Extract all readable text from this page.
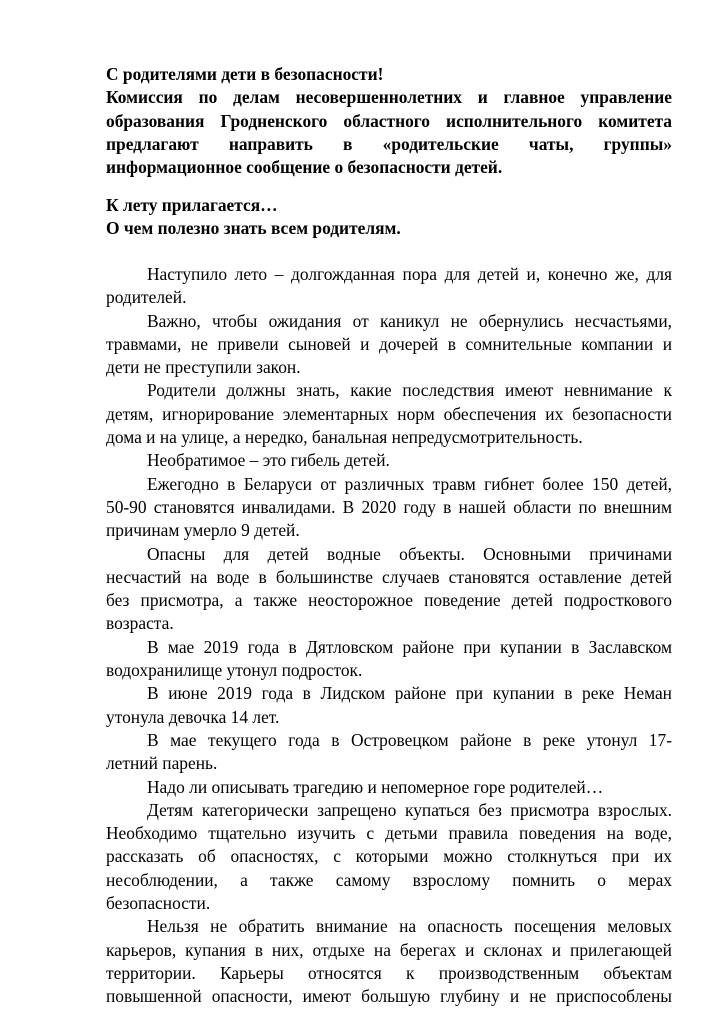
С родителями дети в безопасности!
Комиссия по делам несовершеннолетних и главное управление
образования Гродненского областного исполнительного комитета
предлагают направить в «родительские чаты, группы»
информационное сообщение о безопасности детей.
К лету прилагается…
О чем полезно знать всем родителям.
Наступило лето – долгожданная пора для детей и, конечно же, для
родителей.
Важно, чтобы ожидания от каникул не обернулись несчастьями,
травмами, не привели сыновей и дочерей в сомнительные компании и
дети не преступили закон.
Родители должны знать, какие последствия имеют невнимание к
детям, игнорирование элементарных норм обеспечения их безопасности
дома и на улице, а нередко, банальная непредусмотрительность.
Необратимое – это гибель детей.
Ежегодно в Беларуси от различных травм гибнет более 150 детей,
50-90 становятся инвалидами. В 2020 году в нашей области по внешним
причинам умерло 9 детей.
Опасны для детей водные объекты. Основными причинами
несчастий на воде в большинстве случаев становятся оставление детей
без присмотра, а также неосторожное поведение детей подросткового
возраста.
В мае 2019 года в Дятловском районе при купании в Заславском
водохранилище утонул подросток.
В июне 2019 года в Лидском районе при купании в реке Неман
утонула девочка 14 лет.
В мае текущего года в Островецком районе в реке утонул 17-
летний парень.
Надо ли описывать трагедию и непомерное горе родителей…
Детям категорически запрещено купаться без присмотра взрослых.
Необходимо тщательно изучить с детьми правила поведения на воде,
рассказать об опасностях, с которыми можно столкнуться при их
несоблюдении, а также самому взрослому помнить о мерах
безопасности.
Нельзя не обратить внимание на опасность посещения меловых
карьеров, купания в них, отдыхе на берегах и склонах и прилегающей
территории. Карьеры относятся к производственным объектам
повышенной опасности, имеют большую глубину и не приспособлены
